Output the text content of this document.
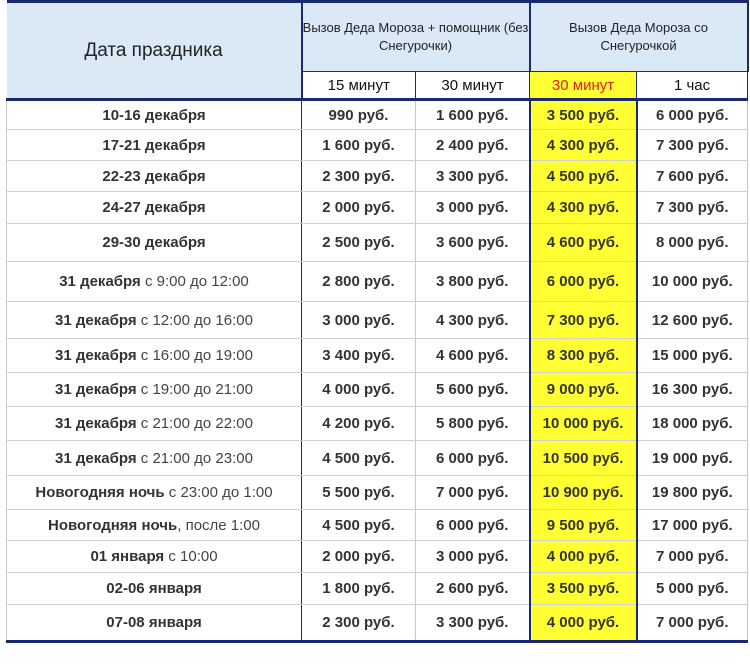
Дата праздника	Вызов Деда Мороза + помощник (без Снегурочки)		Вызов Деда Мороза со Снегурочкой	
	15 минут	30 минут	30 минут	1 час
10-16 декабря	990 руб.	1 600 руб.	3 500 руб.	6 000 руб.
17-21 декабря	1 600 руб.	2 400 руб.	4 300 руб.	7 300 руб.
22-23 декабря	2 300 руб.	3 300 руб.	4 500 руб.	7 600 руб.
24-27 декабря	2 000 руб.	3 000 руб.	4 300 руб.	7 300 руб.
29-30 декабря	2 500 руб.	3 600 руб.	4 600 руб.	8 000 руб.
31 декабря с 9:00 до 12:00	2 800 руб.	3 800 руб.	6 000 руб.	10 000 руб.
31 декабря с 12:00 до 16:00	3 000 руб.	4 300 руб.	7 300 руб.	12 600 руб.
31 декабря с 16:00 до 19:00	3 400 руб.	4 600 руб.	8 300 руб.	15 000 руб.
31 декабря с 19:00 до 21:00	4 000 руб.	5 600 руб.	9 000 руб.	16 300 руб.
31 декабря с 21:00 до 22:00	4 200 руб.	5 800 руб.	10 000 руб.	18 000 руб.
31 декабря с 21:00 до 23:00	4 500 руб.	6 000 руб.	10 500 руб.	19 000 руб.
Новогодняя ночь с 23:00 до 1:00	5 500 руб.	7 000 руб.	10 900 руб.	19 800 руб.
Новогодняя ночь, после 1:00	4 500 руб.	6 000 руб.	9 500 руб.	17 000 руб.
01 января с 10:00	2 000 руб.	3 000 руб.	4 000 руб.	7 000 руб.
02-06 января	1 800 руб.	2 600 руб.	3 500 руб.	5 000 руб.
07-08 января	2 300 руб.	3 300 руб.	4 000 руб.	7 000 руб.
